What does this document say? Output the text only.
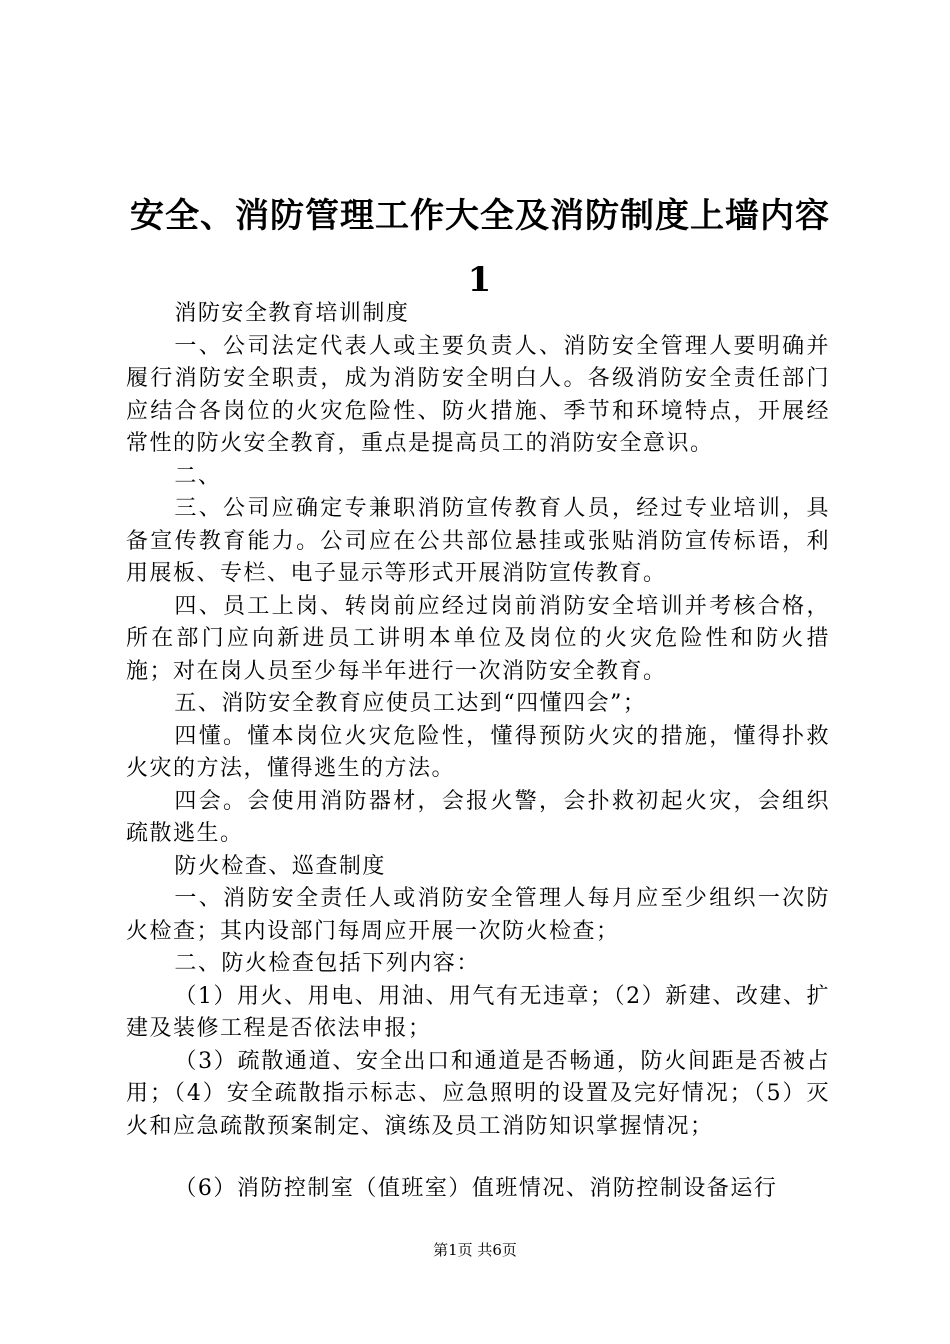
安全、消防管理工作大全及消防制度上墙内容1

消防安全教育培训制度

一、公司法定代表人或主要负责人、消防安全管理人要明确并履行消防安全职责，成为消防安全明白人。各级消防安全责任部门应结合各岗位的火灾危险性、防火措施、季节和环境特点，开展经常性的防火安全教育，重点是提高员工的消防安全意识。

二、

三、公司应确定专兼职消防宣传教育人员，经过专业培训，具备宣传教育能力。公司应在公共部位悬挂或张贴消防宣传标语，利用展板、专栏、电子显示等形式开展消防宣传教育。

四、员工上岗、转岗前应经过岗前消防安全培训并考核合格，所在部门应向新进员工讲明本单位及岗位的火灾危险性和防火措施；对在岗人员至少每半年进行一次消防安全教育。

五、消防安全教育应使员工达到“四懂四会”；

四懂。懂本岗位火灾危险性，懂得预防火灾的措施，懂得扑救火灾的方法，懂得逃生的方法。

四会。会使用消防器材，会报火警，会扑救初起火灾，会组织疏散逃生。

防火检查、巡查制度

一、消防安全责任人或消防安全管理人每月应至少组织一次防火检查；其内设部门每周应开展一次防火检查；

二、防火检查包括下列内容：

（1）用火、用电、用油、用气有无违章；（2）新建、改建、扩建及装修工程是否依法申报；

（3）疏散通道、安全出口和通道是否畅通，防火间距是否被占用；（4）安全疏散指示标志、应急照明的设置及完好情况；（5）灭火和应急疏散预案制定、演练及员工消防知识掌握情况；

（6）消防控制室（值班室）值班情况、消防控制设备运行

第1页 共6页
